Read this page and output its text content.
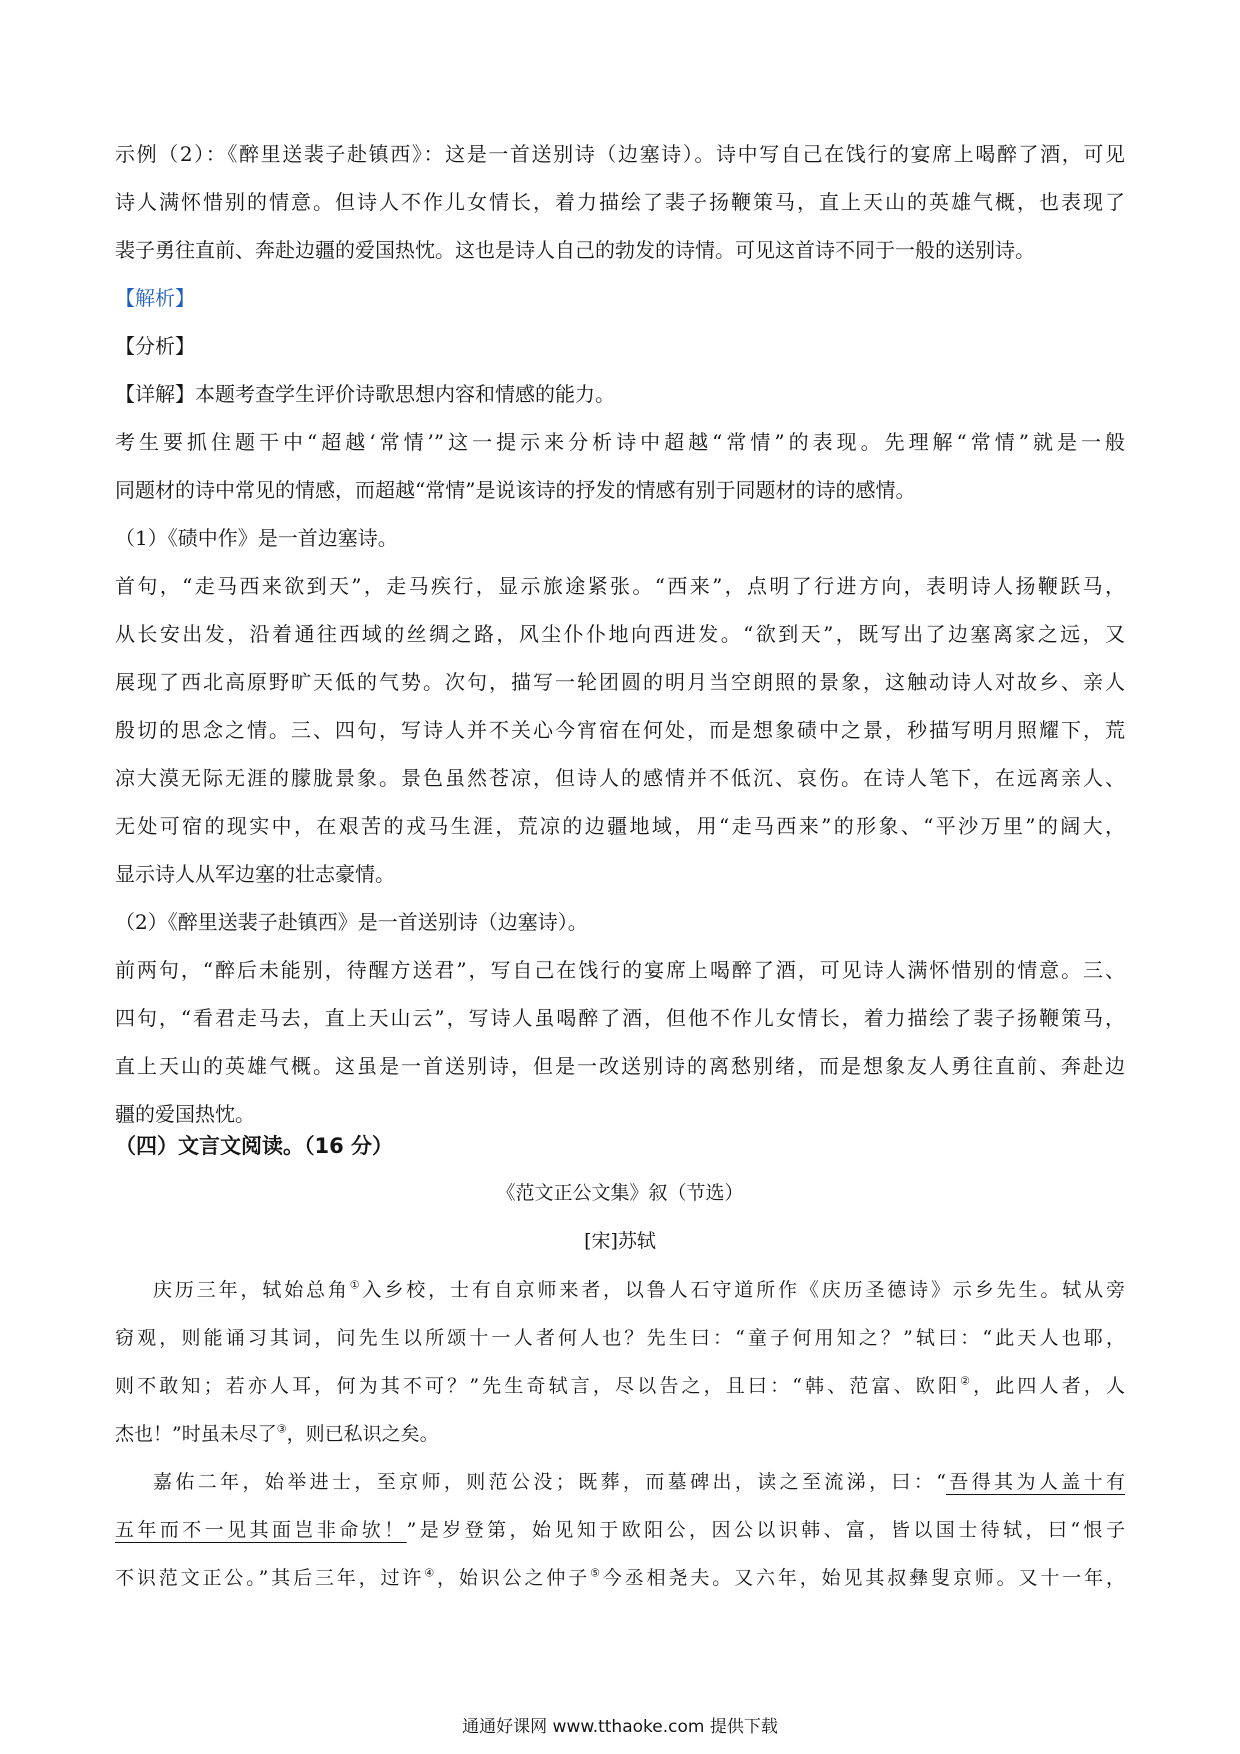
示例（2）：《醉里送裴子赴镇西》：这是一首送别诗（边塞诗）。诗中写自己在饯行的宴席上喝醉了酒，可见
诗人满怀惜别的情意。但诗人不作儿女情长，着力描绘了裴子扬鞭策马，直上天山的英雄气概，也表现了
裴子勇往直前、奔赴边疆的爱国热忱。这也是诗人自己的勃发的诗情。可见这首诗不同于一般的送别诗。
【解析】
【分析】
【详解】本题考查学生评价诗歌思想内容和情感的能力。
考生要抓住题干中“超越‘常情’”这一提示来分析诗中超越“常情”的表现。先理解“常情”就是一般
同题材的诗中常见的情感，而超越“常情”是说该诗的抒发的情感有别于同题材的诗的感情。
（1）《碛中作》是一首边塞诗。
首句，“走马西来欲到天”，走马疾行，显示旅途紧张。“西来”，点明了行进方向，表明诗人扬鞭跃马，
从长安出发，沿着通往西域的丝绸之路，风尘仆仆地向西进发。“欲到天”，既写出了边塞离家之远，又
展现了西北高原野旷天低的气势。次句，描写一轮团圆的明月当空朗照的景象，这触动诗人对故乡、亲人
殷切的思念之情。三、四句，写诗人并不关心今宵宿在何处，而是想象碛中之景，秒描写明月照耀下，荒
凉大漠无际无涯的朦胧景象。景色虽然苍凉，但诗人的感情并不低沉、哀伤。在诗人笔下，在远离亲人、
无处可宿的现实中，在艰苦的戎马生涯，荒凉的边疆地域，用“走马西来”的形象、“平沙万里”的阔大，
显示诗人从军边塞的壮志豪情。
（2）《醉里送裴子赴镇西》是一首送别诗（边塞诗）。
前两句，“醉后未能别，待醒方送君”，写自己在饯行的宴席上喝醉了酒，可见诗人满怀惜别的情意。三、
四句，“看君走马去，直上天山云”，写诗人虽喝醉了酒，但他不作儿女情长，着力描绘了裴子扬鞭策马，
直上天山的英雄气概。这虽是一首送别诗，但是一改送别诗的离愁别绪，而是想象友人勇往直前、奔赴边
疆的爱国热忱。
（四）文言文阅读。（16 分）
《范文正公文集》叙（节选）
[宋]苏轼
庆历三年，轼始总角①入乡校，士有自京师来者，以鲁人石守道所作《庆历圣德诗》示乡先生。轼从旁
窃观，则能诵习其词，问先生以所颂十一人者何人也？先生曰：“童子何用知之？”轼曰：“此天人也耶，
则不敢知；若亦人耳，何为其不可？”先生奇轼言，尽以告之，且曰：“韩、范富、欧阳②，此四人者，人
杰也！”时虽未尽了③，则已私识之矣。
嘉佑二年，始举进士，至京师，则范公没；既葬，而墓碑出，读之至流涕，曰：“吾得其为人盖十有
五年而不一见其面岂非命欤！”是岁登第，始见知于欧阳公，因公以识韩、富，皆以国士待轼，曰“恨子
不识范文正公。”其后三年，过许④，始识公之仲子⑤今丞相尧夫。又六年，始见其叔彝叟京师。又十一年，
通通好课网 www.tthaoke.com 提供下载
